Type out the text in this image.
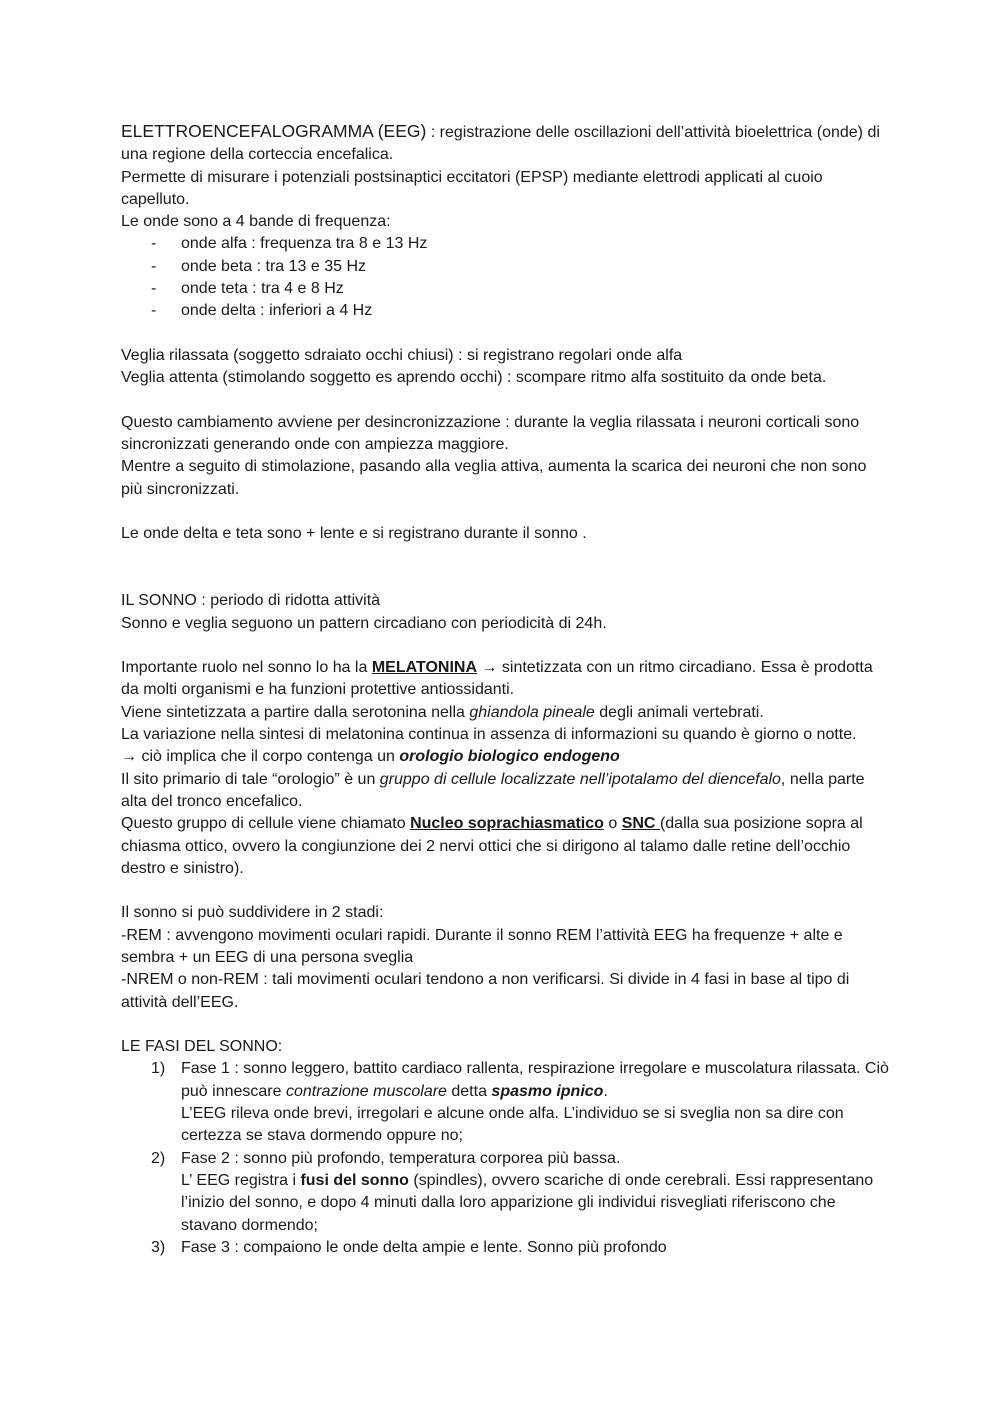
ELETTROENCEFALOGRAMMA (EEG) : registrazione delle oscillazioni dell’attività bioelettrica (onde) di una regione della corteccia encefalica.

Permette di misurare i potenziali postsinaptici eccitatori (EPSP) mediante elettrodi applicati al cuoio capelluto.

Le onde sono a 4 bande di frequenza:

- onde alfa : frequenza tra 8 e 13 Hz
- onde beta : tra 13 e 35 Hz
- onde teta : tra 4 e 8 Hz
- onde delta : inferiori a 4 Hz

Veglia rilassata (soggetto sdraiato occhi chiusi) : si registrano regolari onde alfa

Veglia attenta (stimolando soggetto es aprendo occhi) : scompare ritmo alfa sostituito da onde beta.

Questo cambiamento avviene per desincronizzazione : durante la veglia rilassata i neuroni corticali sono sincronizzati generando onde con ampiezza maggiore.

Mentre a seguito di stimolazione, pasando alla veglia attiva, aumenta la scarica dei neuroni che non sono più sincronizzati.

Le onde delta e teta sono + lente e si registrano durante il sonno .

IL SONNO : periodo di ridotta attività

Sonno e veglia seguono un pattern circadiano con periodicità di 24h.

Importante ruolo nel sonno lo ha la MELATONINA → sintetizzata con un ritmo circadiano. Essa è prodotta da molti organismi e ha funzioni protettive antiossidanti.

Viene sintetizzata a partire dalla serotonina nella ghiandola pineale degli animali vertebrati.

La variazione nella sintesi di melatonina continua in assenza di informazioni su quando è giorno o notte.

→ ciò implica che il corpo contenga un orologio biologico endogeno

Il sito primario di tale “orologio” è un gruppo di cellule localizzate nell’ipotalamo del diencefalo, nella parte alta del tronco encefalico.

Questo gruppo di cellule viene chiamato Nucleo soprachiasmatico o SNC (dalla sua posizione sopra al chiasma ottico, ovvero la congiunzione dei 2 nervi ottici che si dirigono al talamo dalle retine dell’occhio destro e sinistro).

Il sonno si può suddividere in 2 stadi:

-REM : avvengono movimenti oculari rapidi. Durante il sonno REM l’attività EEG ha frequenze + alte e sembra + un EEG di una persona sveglia

-NREM o non-REM : tali movimenti oculari tendono a non verificarsi. Si divide in 4 fasi in base al tipo di attività dell’EEG.

LE FASI DEL SONNO:

1) Fase 1 : sonno leggero, battito cardiaco rallenta, respirazione irregolare e muscolatura rilassata. Ciò può innescare contrazione muscolare detta spasmo ipnico.
L’EEG rileva onde brevi, irregolari e alcune onde alfa. L’individuo se si sveglia non sa dire con certezza se stava dormendo oppure no;
2) Fase 2 : sonno più profondo, temperatura corporea più bassa.
L’ EEG registra i fusi del sonno (spindles), ovvero scariche di onde cerebrali. Essi rappresentano l’inizio del sonno, e dopo 4 minuti dalla loro apparizione gli individui risvegliati riferiscono che stavano dormendo;
3) Fase 3 : compaiono le onde delta ampie e lente. Sonno più profondo
